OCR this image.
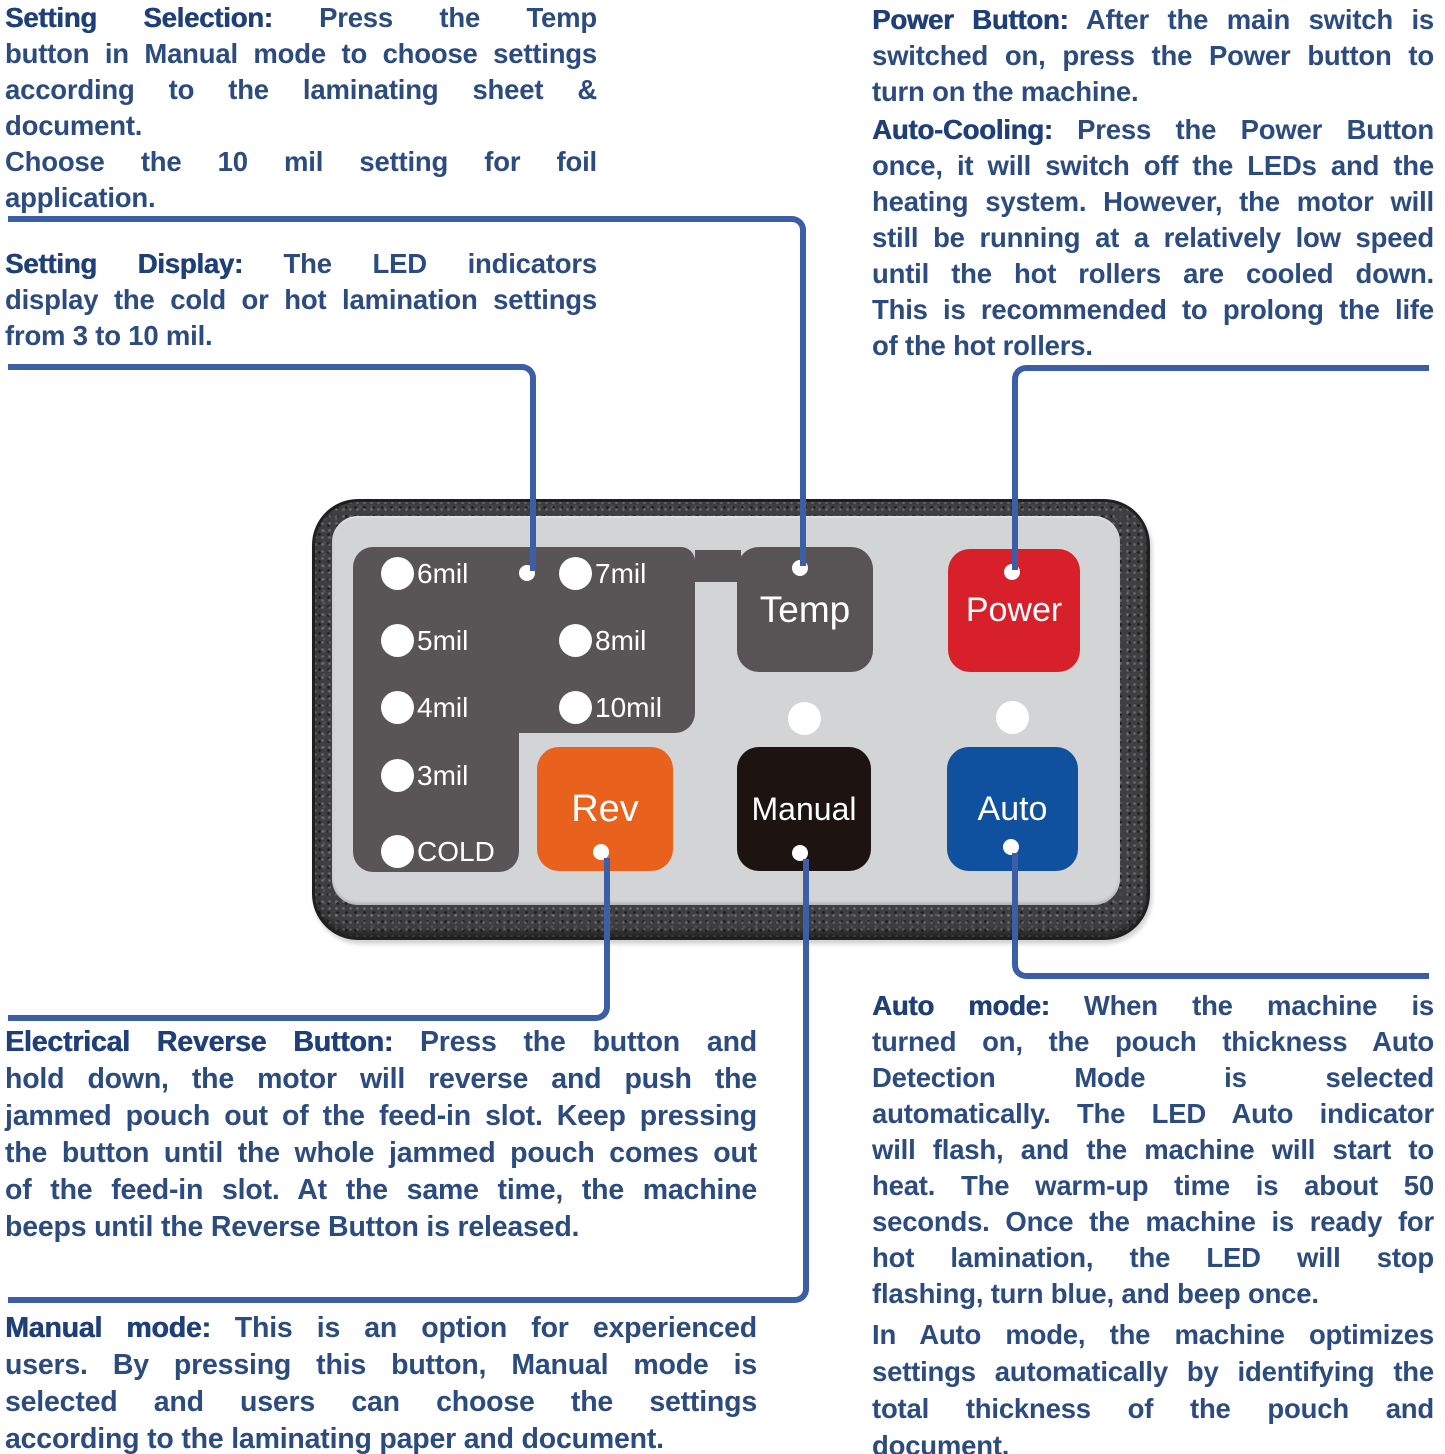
Setting Selection: Press the Temp
button in Manual mode to choose settings
according to the laminating sheet &
document.
Choose the 10 mil setting for foil
application.
Setting Display: The LED indicators
display the cold or hot lamination settings
from 3 to 10 mil.
Power Button: After the main switch is
switched on, press the Power button to
turn on the machine.
Auto-Cooling: Press the Power Button
once, it will switch off the LEDs and the
heating system. However, the motor will
still be running at a relatively low speed
until the hot rollers are cooled down.
This is recommended to prolong the life
of the hot rollers.
Electrical Reverse Button: Press the button and
hold down, the motor will reverse and push the
jammed pouch out of the feed-in slot. Keep pressing
the button until the whole jammed pouch comes out
of the feed-in slot. At the same time, the machine
beeps until the Reverse Button is released.
Manual mode: This is an option for experienced
users. By pressing this button, Manual mode is
selected and users can choose the settings
according to the laminating paper and document.
Auto mode: When the machine is
turned on, the pouch thickness Auto
Detection Mode is selected
automatically. The LED Auto indicator
will flash, and the machine will start to
heat. The warm-up time is about 50
seconds. Once the machine is ready for
hot lamination, the LED will stop
flashing, turn blue, and beep once.
In Auto mode, the machine optimizes
settings automatically by identifying the
total thickness of the pouch and
document.
6mil
5mil
4mil
3mil
COLD
7mil
8mil
10mil
Temp	Power
Rev	Manual	Auto
